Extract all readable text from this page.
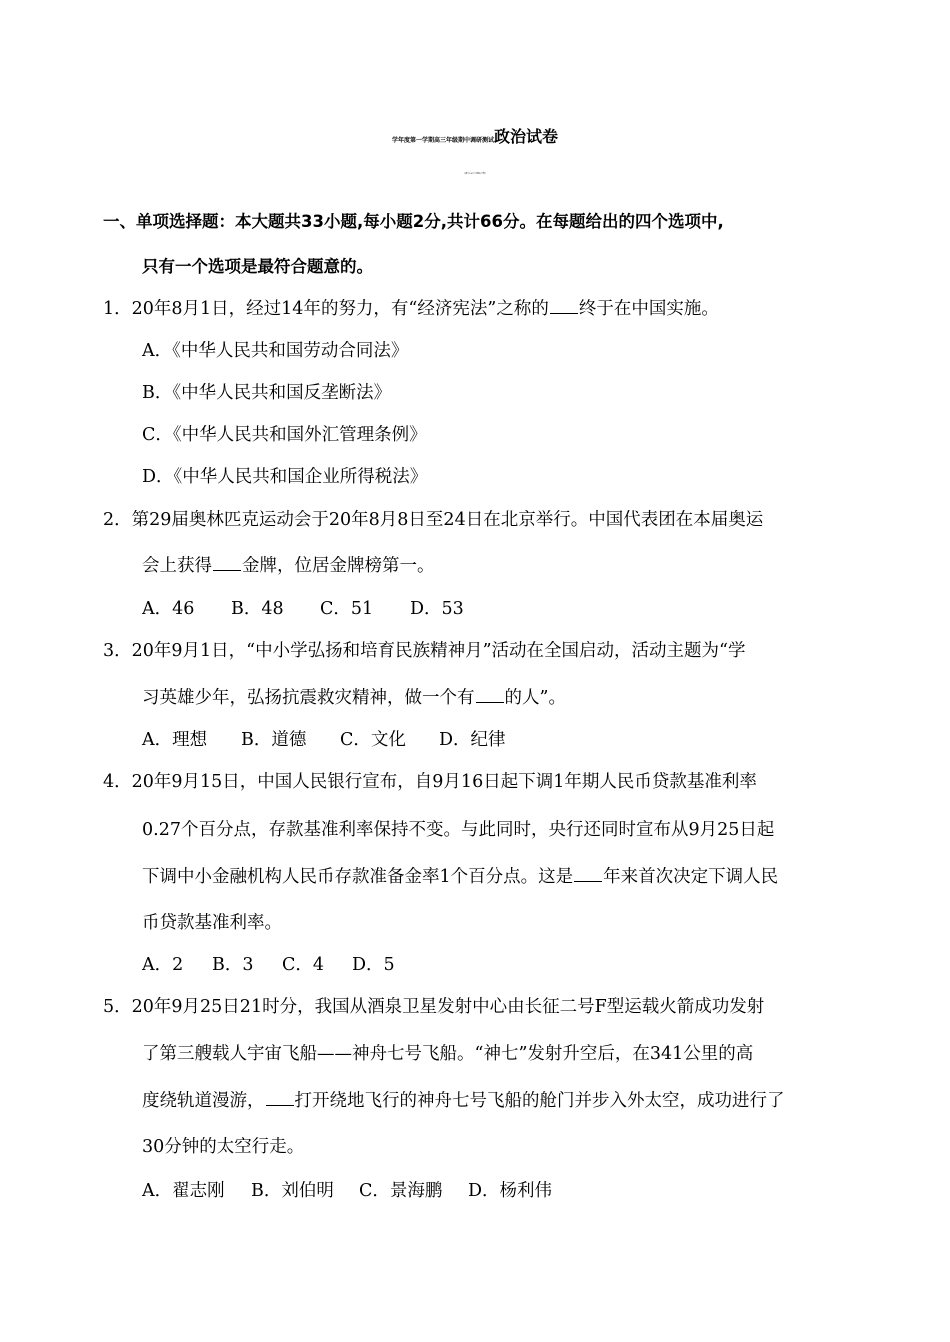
学年度第一学期高三年级期中调研测试政治试卷
（满分120分 时间0分钟）
一、单项选择题：本大题共33小题,每小题2分,共计66分。在每题给出的四个选项中,
只有一个选项是最符合题意的。
1．20年8月1日，经过14年的努力，有“经济宪法”之称的 终于在中国实施。
A．《中华人民共和国劳动合同法》
B．《中华人民共和国反垄断法》
C．《中华人民共和国外汇管理条例》
D．《中华人民共和国企业所得税法》
2．第29届奥林匹克运动会于20年8月8日至24日在北京举行。中国代表团在本届奥运
会上获得 金牌，位居金牌榜第一。
A．46 B．48 C．51 D．53
3．20年9月1日，“中小学弘扬和培育民族精神月”活动在全国启动，活动主题为“学
习英雄少年，弘扬抗震救灾精神，做一个有 的人”。
A．理想 B．道德 C．文化 D．纪律
4．20年9月15日，中国人民银行宣布，自9月16日起下调1年期人民币贷款基准利率
0.27个百分点，存款基准利率保持不变。与此同时，央行还同时宣布从9月25日起
下调中小金融机构人民币存款准备金率1个百分点。这是 年来首次决定下调人民
币贷款基准利率。
A．2 B．3 C．4 D．5
5．20年9月25日21时分，我国从酒泉卫星发射中心由长征二号F型运载火箭成功发射
了第三艘载人宇宙飞船——神舟七号飞船。“神七”发射升空后，在341公里的高
度绕轨道漫游， 打开绕地飞行的神舟七号飞船的舱门并步入外太空，成功进行了
30分钟的太空行走。
A．翟志刚 B．刘伯明 C．景海鹏 D．杨利伟
